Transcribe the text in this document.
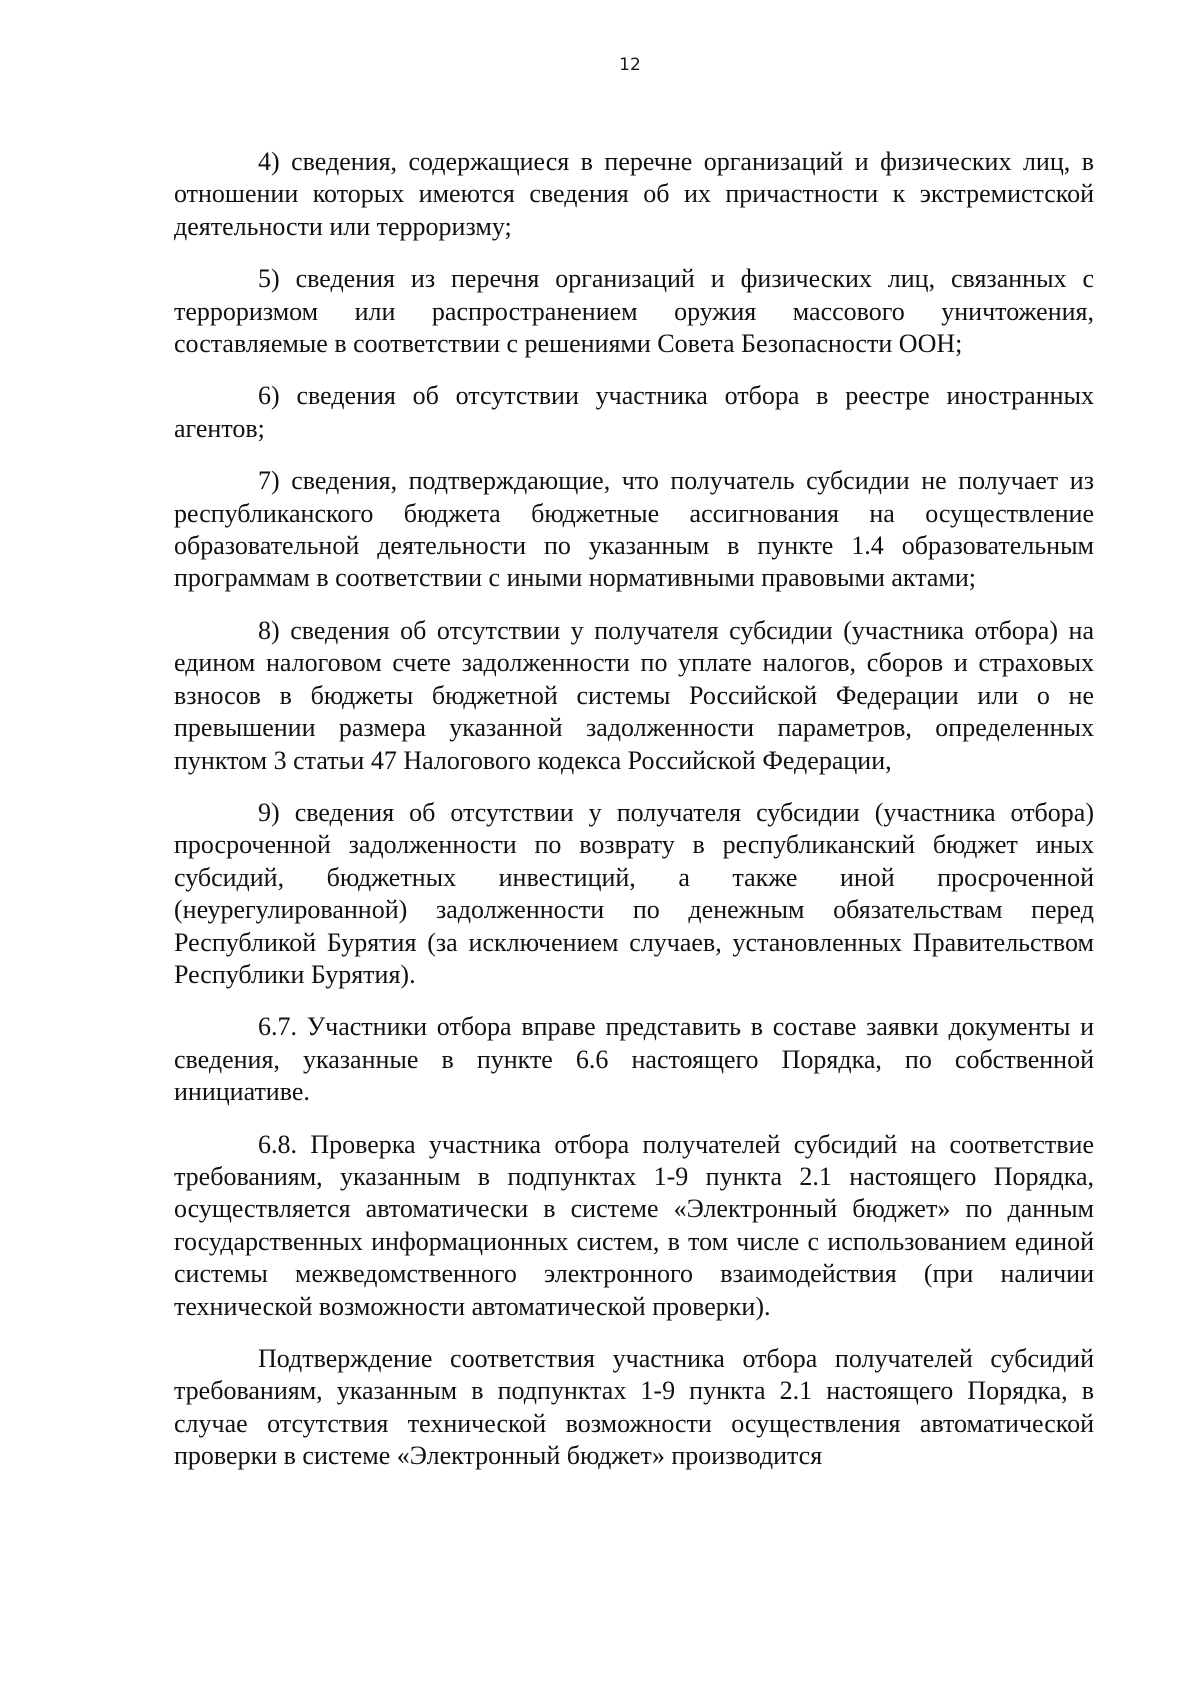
12

4) сведения, содержащиеся в перечне организаций и физических лиц, в отношении которых имеются сведения об их причастности к экстремистской деятельности или терроризму;

5) сведения из перечня организаций и физических лиц, связанных с терроризмом или распространением оружия массового уничтожения, составляемые в соответствии с решениями Совета Безопасности ООН;

6) сведения об отсутствии участника отбора в реестре иностранных агентов;

7) сведения, подтверждающие, что получатель субсидии не получает из республиканского бюджета бюджетные ассигнования на осуществление образовательной деятельности по указанным в пункте 1.4 образовательным программам в соответствии с иными нормативными правовыми актами;

8) сведения об отсутствии у получателя субсидии (участника отбора) на едином налоговом счете задолженности по уплате налогов, сборов и страховых взносов в бюджеты бюджетной системы Российской Федерации или о не превышении размера указанной задолженности параметров, определенных пунктом 3 статьи 47 Налогового кодекса Российской Федерации,

9) сведения об отсутствии у получателя субсидии (участника отбора) просроченной задолженности по возврату в республиканский бюджет иных субсидий, бюджетных инвестиций, а также иной просроченной (неурегулированной) задолженности по денежным обязательствам перед Республикой Бурятия (за исключением случаев, установленных Правительством Республики Бурятия).

6.7. Участники отбора вправе представить в составе заявки документы и сведения, указанные в пункте 6.6 настоящего Порядка, по собственной инициативе.

6.8. Проверка участника отбора получателей субсидий на соответствие требованиям, указанным в подпунктах 1-9 пункта 2.1 настоящего Порядка, осуществляется автоматически в системе «Электронный бюджет» по данным государственных информационных систем, в том числе с использованием единой системы межведомственного электронного взаимодействия (при наличии технической возможности автоматической проверки).

Подтверждение соответствия участника отбора получателей субсидий требованиям, указанным в подпунктах 1-9 пункта 2.1 настоящего Порядка, в случае отсутствия технической возможности осуществления автоматической проверки в системе «Электронный бюджет» производится
